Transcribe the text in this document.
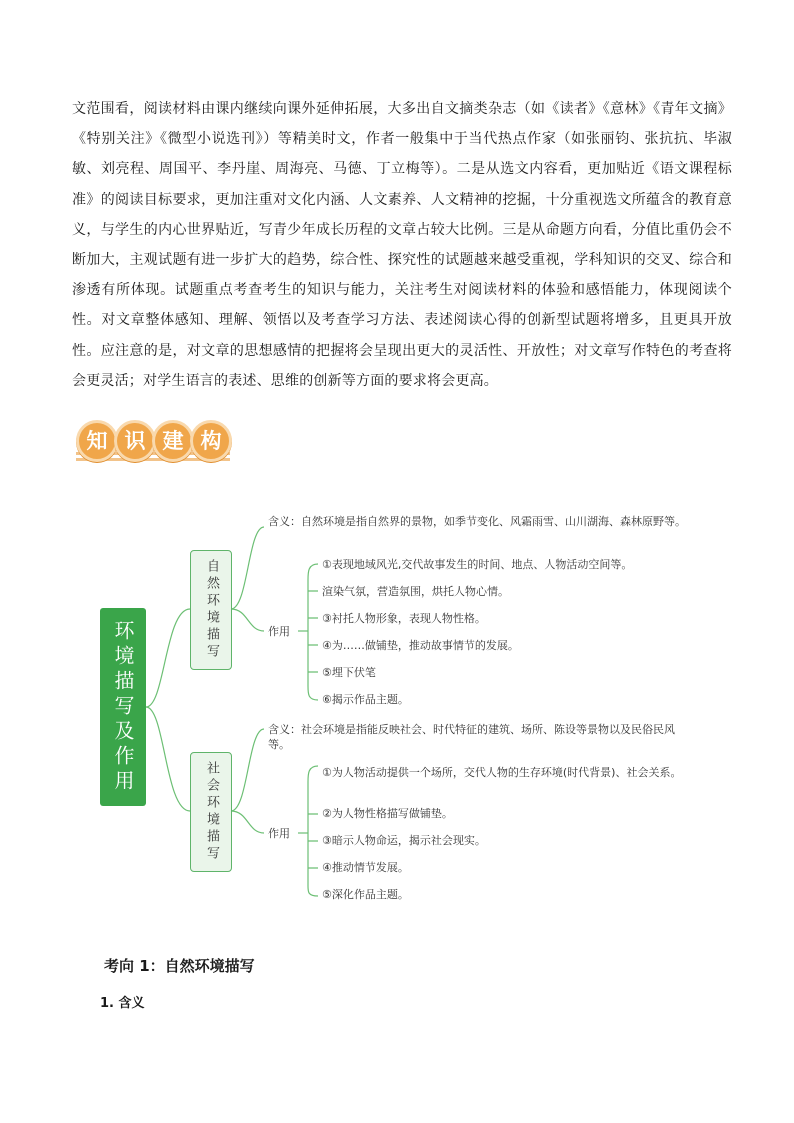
文范围看，阅读材料由课内继续向课外延伸拓展，大多出自文摘类杂志（如《读者》《意林》《青年文摘》《特别关注》《微型小说选刊》）等精美时文，作者一般集中于当代热点作家（如张丽钧、张抗抗、毕淑敏、刘亮程、周国平、李丹崖、周海亮、马德、丁立梅等）。二是从选文内容看，更加贴近《语文课程标准》的阅读目标要求，更加注重对文化内涵、人文素养、人文精神的挖掘，十分重视选文所蕴含的教育意义，与学生的内心世界贴近，写青少年成长历程的文章占较大比例。三是从命题方向看，分值比重仍会不断加大，主观试题有进一步扩大的趋势，综合性、探究性的试题越来越受重视，学科知识的交叉、综合和渗透有所体现。试题重点考查考生的知识与能力，关注考生对阅读材料的体验和感悟能力，体现阅读个性。对文章整体感知、理解、领悟以及考查学习方法、表述阅读心得的创新型试题将增多，且更具开放性。应注意的是，对文章的思想感情的把握将会呈现出更大的灵活性、开放性；对文章写作特色的考查将会更灵活；对学生语言的表述、思维的创新等方面的要求将会更高。

知 识 建 构
环境描写及作用
自然环境描写
含义：自然环境是指自然界的景物，如季节变化、风霜雨雪、山川湖海、森林原野等。
作用
①表现地域风光,交代故事发生的时间、地点、人物活动空间等。
渲染气氛，营造氛围，烘托人物心情。
③衬托人物形象，表现人物性格。
④为……做铺垫，推动故事情节的发展。
⑤埋下伏笔
⑥揭示作品主题。
社会环境描写
含义：社会环境是指能反映社会、时代特征的建筑、场所、陈设等景物以及民俗民风等。
作用
①为人物活动提供一个场所，交代人物的生存环境(时代背景)、社会关系。
②为人物性格描写做铺垫。
③暗示人物命运，揭示社会现实。
④推动情节发展。
⑤深化作品主题。
考向 1：自然环境描写
1. 含义
